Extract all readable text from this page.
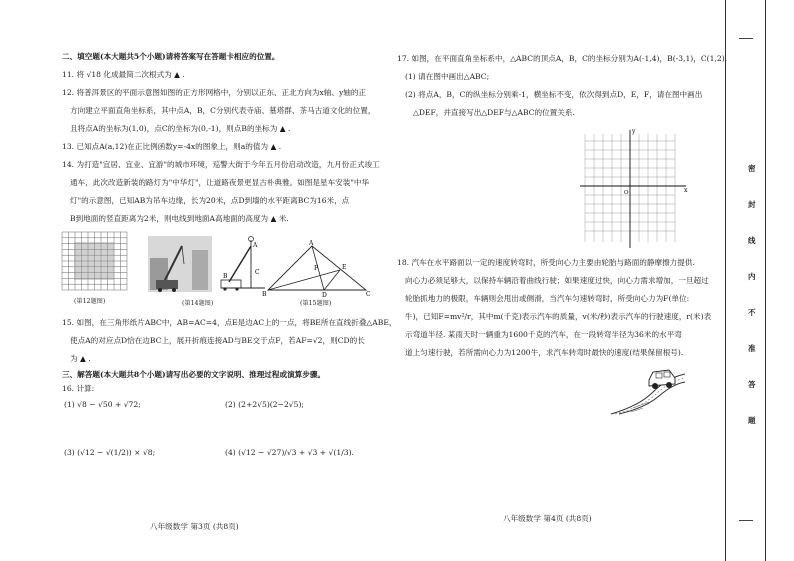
二、填空题(本大题共5个小题)请将答案写在答题卡相应的位置。
11. 将 √18 化成最简二次根式为 ▲ .
12. 将普洱景区的平面示意图如图的正方形网格中，分别以正东、正北方向为x轴、y轴的正
方向建立平面直角坐标系，其中点A，B，C分别代表寺庙、墓塔群、茶马古道文化的位置，
且将点A的坐标为(1,0)，点C的坐标为(0,-1)，则点B的坐标为 ▲ .
13. 已知点A(a,12)在正比例函数y=-4x的图象上，则a的值为 ▲ .
14. 为打造"宜居、宜业、宜游"的城市环境，巡警大街于今年五月份启动改造，九月份正式竣工
通车，此次改造新装的路灯为"中华灯"，让道路夜景更显古朴典雅。如图是星车安装"中华
灯"的示意图，已知AB为吊车边缘，长为20米，点D到墙的水平距离BC为16米，点
B到地面的竖直距离为2米，则电线到地面A高地面的高度为 ▲ 米.
(第12题图)
A
B
C
(第14题图)
A
B	C
D
E
F
(第15题图)
15. 如图，在三角形纸片ABC中，AB=AC=4，点E是边AC上的一点，将BE所在直线折叠△ABE，
使点A的对应点D恰在边BC上，展开折痕连接AD与BE交于点F，若AF=√2，则CD的长
为 ▲ .
三、解答题(本大题共8个小题)请写出必要的文字说明、推理过程或演算步骤。
16. 计算:
(1) √8 − √50 + √72;	(2) (2+2√5)(2−2√5);
(3) (√12 − √(1/2)) × √8;	(4) (√12 − √27)/√3 + √3 + √(1/3).
八年级数学 第3页 (共8页)
17. 如图，在平面直角坐标系中，△ABC的顶点A，B，C的坐标分别为A(-1,4)，B(-3,1)，C(1,2).
(1) 请在图中画出△ABC;
(2) 将点A，B，C的纵坐标分别乘-1，横坐标不变，依次得到点D，E，F，请在图中画出
△DEF，并直接写出△DEF与△ABC的位置关系.
x
y
O
18. 汽车在水平路面以一定的速度转弯时，所受向心力主要由轮胎与路面的静摩擦力提供.
向心力必须足够大，以保持车辆沿着曲线行驶；如果速度过快，向心力需求增加，一旦超过
轮胎抓地力的极限，车辆则会甩出或侧滑，当汽车匀速转弯时，所受向心力为F(单位:
牛)，已知F=mv²/r，其中m(千克)表示汽车的质量，v(米/秒)表示汽车的行驶速度，r(米)表
示弯道半径. 某雨天时一辆重为1600千克的汽车，在一段转弯半径为36米的水平弯
道上匀速行驶，若所需向心力为1200牛，求汽车转弯时最快的速度(结果保留根号).
八年级数学 第4页 (共8页)
密
封
线
内
不
准
答
题
